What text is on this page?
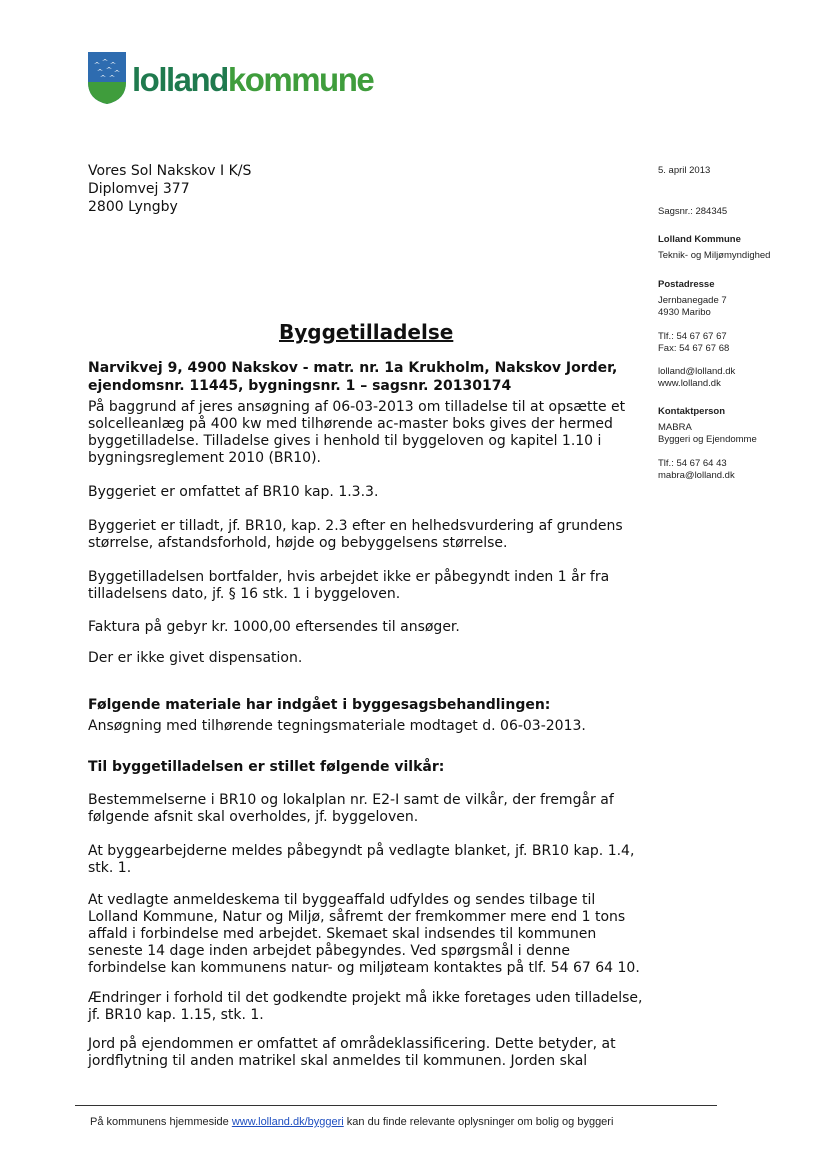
lollandkommune
Vores Sol Nakskov I K/S
Diplomvej 377
2800 Lyngby
5. april 2013
Sagsnr.: 284345
Lolland Kommune
Teknik- og Miljømyndighed
Postadresse
Jernbanegade 7
4930 Maribo
Tlf.: 54 67 67 67
Fax: 54 67 67 68
lolland@lolland.dk
www.lolland.dk
Kontaktperson
MABRA
Byggeri og Ejendomme
Tlf.: 54 67 64 43
mabra@lolland.dk
Byggetilladelse

Narvikvej 9, 4900 Nakskov - matr. nr. 1a Krukholm, Nakskov Jorder, ejendomsnr. 11445, bygningsnr. 1 – sagsnr. 20130174

På baggrund af jeres ansøgning af 06-03-2013 om tilladelse til at opsætte et solcelleanlæg på 400 kw med tilhørende ac-master boks gives der hermed byggetilladelse. Tilladelse gives i henhold til byggeloven og kapitel 1.10 i bygningsreglement 2010 (BR10).

Byggeriet er omfattet af BR10 kap. 1.3.3.

Byggeriet er tilladt, jf. BR10, kap. 2.3 efter en helhedsvurdering af grundens størrelse, afstandsforhold, højde og bebyggelsens størrelse.

Byggetilladelsen bortfalder, hvis arbejdet ikke er påbegyndt inden 1 år fra tilladelsens dato, jf. § 16 stk. 1 i byggeloven.

Faktura på gebyr kr. 1000,00 eftersendes til ansøger.

Der er ikke givet dispensation.

Følgende materiale har indgået i byggesagsbehandlingen:

Ansøgning med tilhørende tegningsmateriale modtaget d. 06-03-2013.

Til byggetilladelsen er stillet følgende vilkår:

Bestemmelserne i BR10 og lokalplan nr. E2-I samt de vilkår, der fremgår af følgende afsnit skal overholdes, jf. byggeloven.

At byggearbejderne meldes påbegyndt på vedlagte blanket, jf. BR10 kap. 1.4, stk. 1.

At vedlagte anmeldeskema til byggeaffald udfyldes og sendes tilbage til Lolland Kommune, Natur og Miljø, såfremt der fremkommer mere end 1 tons affald i forbindelse med arbejdet. Skemaet skal indsendes til kommunen seneste 14 dage inden arbejdet påbegyndes. Ved spørgsmål i denne forbindelse kan kommunens natur- og miljøteam kontaktes på tlf. 54 67 64 10.

Ændringer i forhold til det godkendte projekt må ikke foretages uden tilladelse, jf. BR10 kap. 1.15, stk. 1.

Jord på ejendommen er omfattet af områdeklassificering. Dette betyder, at jordflytning til anden matrikel skal anmeldes til kommunen. Jorden skal

På kommunens hjemmeside www.lolland.dk/byggeri kan du finde relevante oplysninger om bolig og byggeri
